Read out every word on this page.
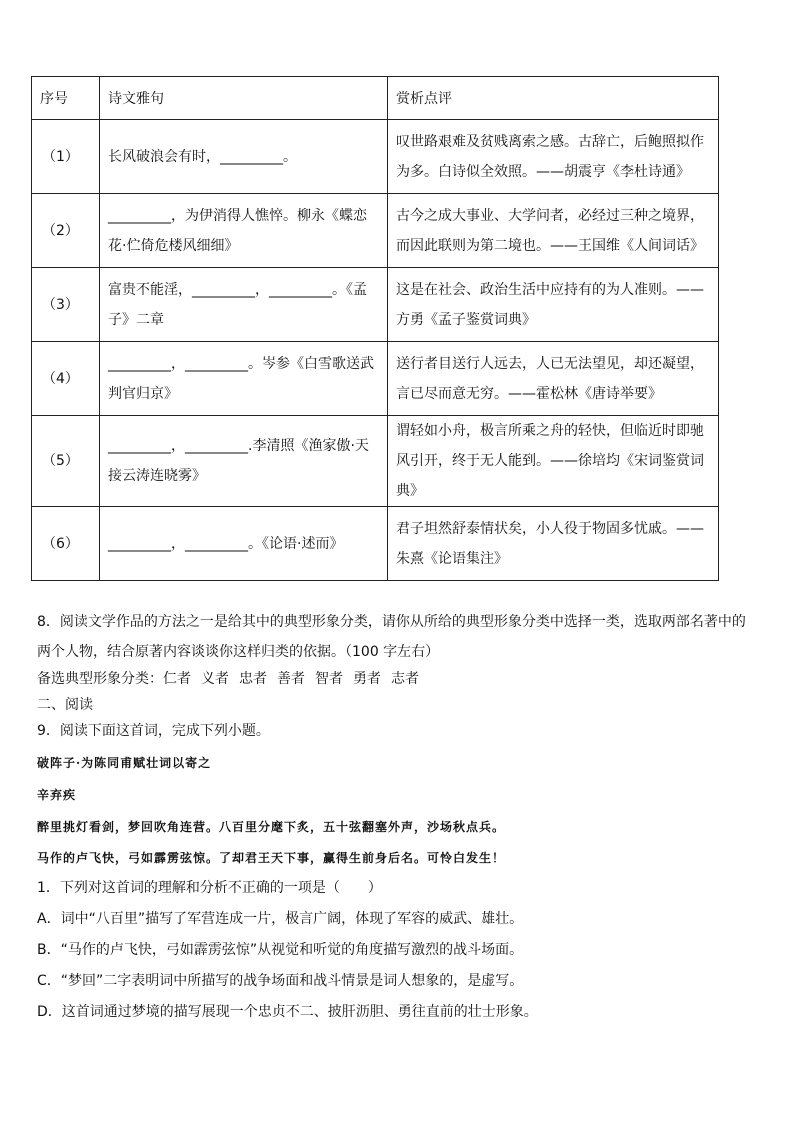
序号	诗文雅句	赏析点评
（1）	长风破浪会有时，_________。	叹世路艰难及贫贱离索之感。古辞亡，后鲍照拟作为多。白诗似全效照。——胡震亨《李杜诗通》
（2）	_________，为伊消得人憔悴。柳永《蝶恋花·伫倚危楼风细细》	古今之成大事业、大学问者，必经过三种之境界，而因此联则为第二境也。——王国维《人间词话》
（3）	富贵不能淫，_________，_________。《孟子》二章	这是在社会、政治生活中应持有的为人准则。——方勇《孟子鉴赏词典》
（4）	_________，_________。岑参《白雪歌送武判官归京》	送行者目送行人远去，人已无法望见，却还凝望，言已尽而意无穷。——霍松林《唐诗举要》
（5）	_________，_________.李清照《渔家傲·天接云涛连晓雾》	谓轻如小舟，极言所乘之舟的轻快，但临近时即驰风引开，终于无人能到。——徐培均《宋词鉴赏词典》
（6）	_________，_________。《论语·述而》	君子坦然舒泰情状矣，小人役于物固多忧戚。——朱熹《论语集注》
8．阅读文学作品的方法之一是给其中的典型形象分类，请你从所给的典型形象分类中选择一类，选取两部名著中的两个人物，结合原著内容谈谈你这样归类的依据。（100 字左右）
备选典型形象分类：仁者 义者 忠者 善者 智者 勇者 志者
二、阅读
9．阅读下面这首词，完成下列小题。
破阵子·为陈同甫赋壮词以寄之
辛弃疾
醉里挑灯看剑，梦回吹角连营。八百里分麾下炙，五十弦翻塞外声，沙场秋点兵。
马作的卢飞快，弓如霹雳弦惊。了却君王天下事，赢得生前身后名。可怜白发生！
1．下列对这首词的理解和分析不正确的一项是（　　）
A．词中“八百里”描写了军营连成一片，极言广阔，体现了军容的威武、雄壮。
B．“马作的卢飞快，弓如霹雳弦惊”从视觉和听觉的角度描写激烈的战斗场面。
C．“梦回”二字表明词中所描写的战争场面和战斗情景是词人想象的，是虚写。
D．这首词通过梦境的描写展现一个忠贞不二、披肝沥胆、勇往直前的壮士形象。
